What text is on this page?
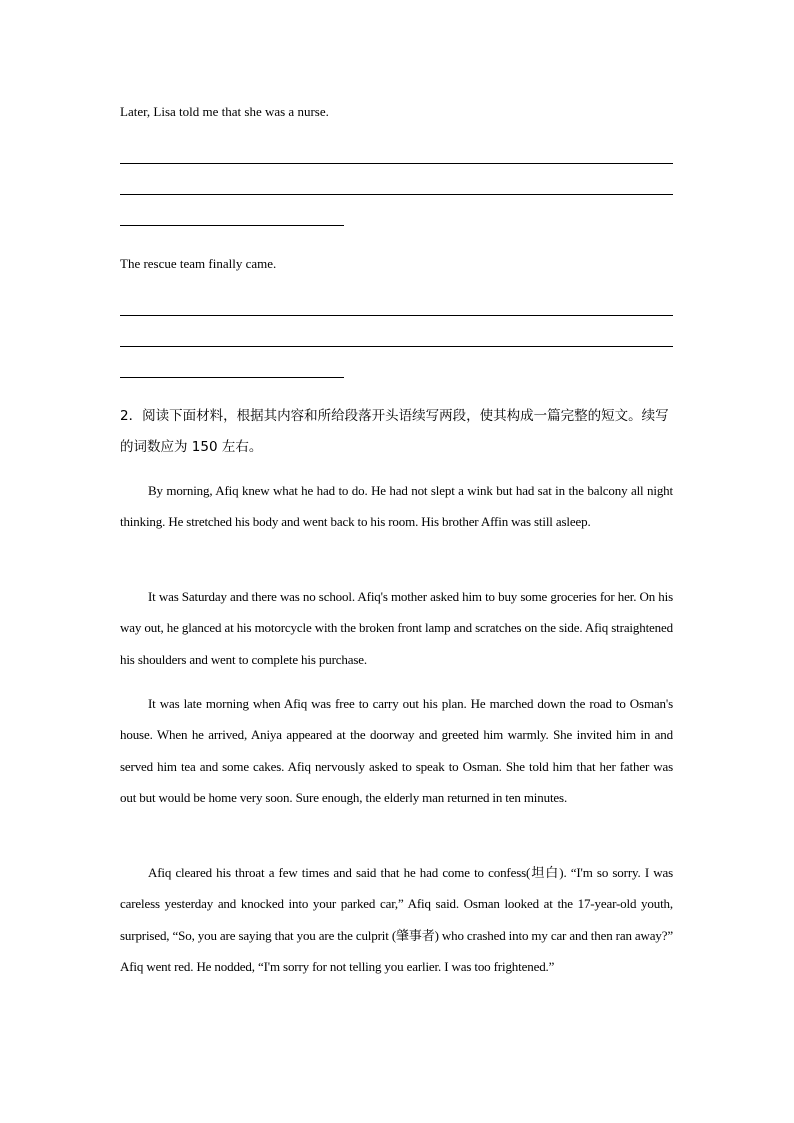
Later, Lisa told me that she was a nurse.
The rescue team finally came.
2．阅读下面材料，根据其内容和所给段落开头语续写两段，使其构成一篇完整的短文。续写的词数应为 150 左右。
By morning, Afiq knew what he had to do. He had not slept a wink but had sat in the balcony all night thinking. He stretched his body and went back to his room. His brother Affin was still asleep.
It was Saturday and there was no school. Afiq's mother asked him to buy some groceries for her. On his way out, he glanced at his motorcycle with the broken front lamp and scratches on the side. Afiq straightened his shoulders and went to complete his purchase.
It was late morning when Afiq was free to carry out his plan. He marched down the road to Osman's house. When he arrived, Aniya appeared at the doorway and greeted him warmly. She invited him in and served him tea and some cakes. Afiq nervously asked to speak to Osman. She told him that her father was out but would be home very soon. Sure enough, the elderly man returned in ten minutes.
Afiq cleared his throat a few times and said that he had come to confess(坦白). “I'm so sorry. I was careless yesterday and knocked into your parked car,” Afiq said. Osman looked at the 17-year-old youth, surprised, “So, you are saying that you are the culprit (肇事者) who crashed into my car and then ran away?” Afiq went red. He nodded, “I'm sorry for not telling you earlier. I was too frightened.”
